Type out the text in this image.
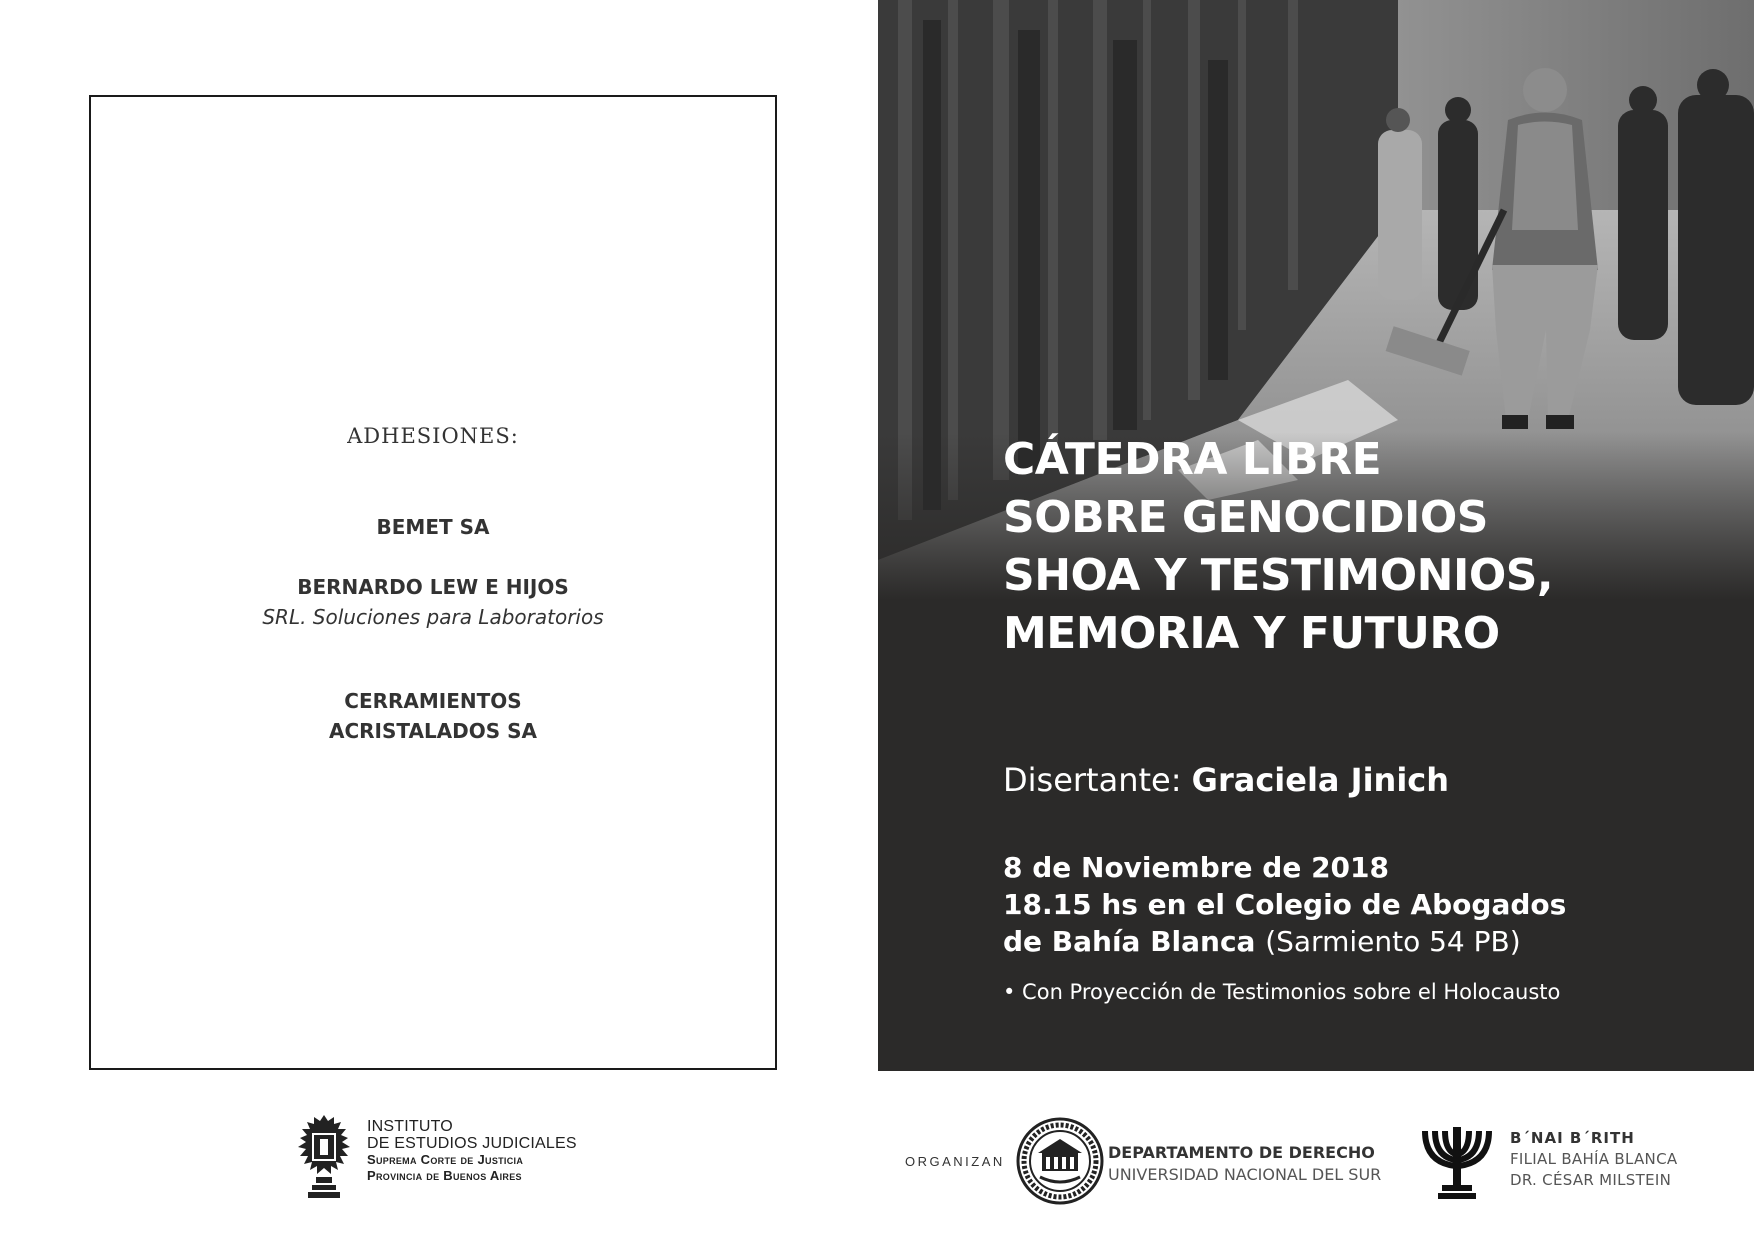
ADHESIONES:
BEMET SA
BERNARDO LEW E HIJOS
SRL. Soluciones para Laboratorios
CERRAMIENTOS
ACRISTALADOS SA
INSTITUTO
DE ESTUDIOS JUDICIALES
Suprema Corte de Justicia
Provincia de Buenos Aires
CÁTEDRA LIBRE
SOBRE GENOCIDIOS
SHOA Y TESTIMONIOS,
MEMORIA Y FUTURO
Disertante: Graciela Jinich
8 de Noviembre de 2018
18.15 hs en el Colegio de Abogados
de Bahía Blanca (Sarmiento 54 PB)
• Con Proyección de Testimonios sobre el Holocausto
ORGANIZAN	DEPARTAMENTO DE DERECHO
UNIVERSIDAD NACIONAL DEL SUR
B´NAI B´RITH
FILIAL BAHÍA BLANCA
DR. CÉSAR MILSTEIN
